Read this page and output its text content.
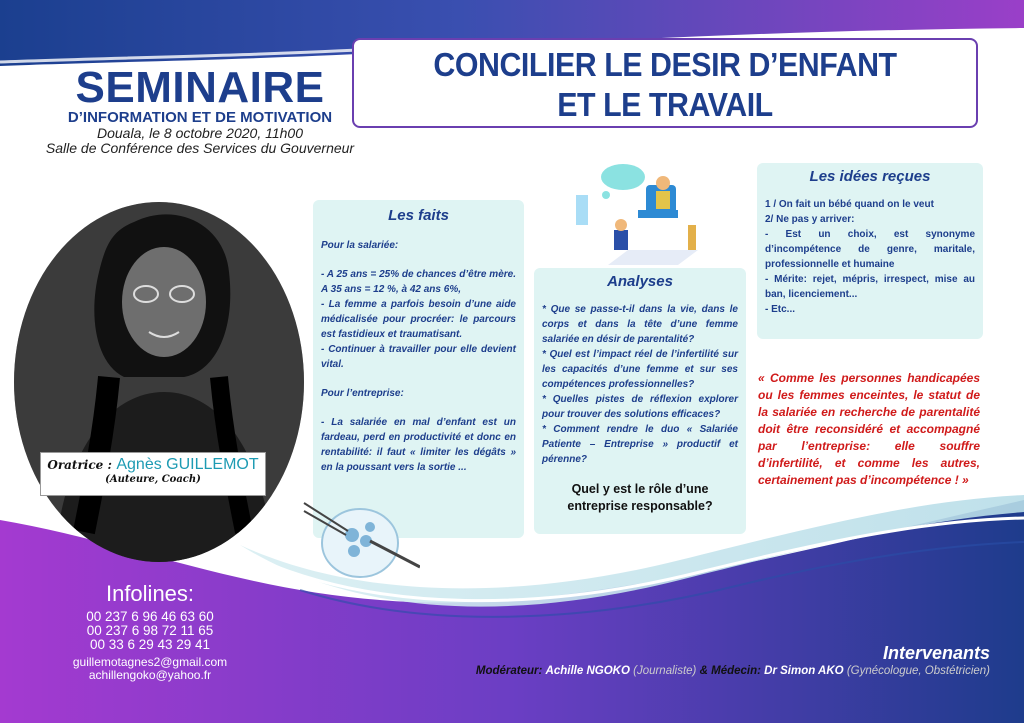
SEMINAIRE
D’INFORMATION ET DE MOTIVATION
Douala, le 8 octobre 2020, 11h00
Salle de Conférence des Services du Gouverneur
CONCILIER LE DESIR D’ENFANT
ET LE TRAVAIL
Oratrice : Agnès GUILLEMOT
(Auteure, Coach)
Infolines:
00 237 6 96 46 63 60
00 237 6 98 72 11 65
00 33 6 29 43 29 41
guillemotagnes2@gmail.com
achillengoko@yahoo.fr
Les faits

Pour la salariée:

- A 25 ans = 25% de chances d’être mère. A 35 ans = 12 %, à 42 ans 6%,

- La femme a parfois besoin d’une aide médicalisée pour procréer: le parcours est fastidieux et traumatisant.

- Continuer à travailler pour elle devient vital.

Pour l’entreprise:

- La salariée en mal d’enfant est un fardeau, perd en productivité et donc en rentabilité: il faut « limiter les dégâts » en la poussant vers la sortie ...

Analyses

* Que se passe-t-il dans la vie, dans le corps et dans la tête d’une femme salariée en désir de parentalité?

* Quel est l’impact réel de l’infertilité sur les capacités d’une femme et sur ses compétences professionnelles?

* Quelles pistes de réflexion explorer pour trouver des solutions efficaces?

* Comment rendre le duo « Salariée Patiente – Entreprise » productif et pérenne?

Quel y est le rôle d’une entreprise responsable?
Les idées reçues

1 / On fait un bébé quand on le veut

2/ Ne pas y arriver:

- Est un choix, est synonyme d’incompétence de genre, maritale, professionnelle et humaine

- Mérite: rejet, mépris, irrespect, mise au ban, licenciement...

- Etc...

« Comme les personnes handicapées ou les femmes enceintes, le statut de la salariée en recherche de parentalité doit être reconsidéré et accompagné par l’entreprise: elle souffre d’infertilité, et comme les autres, certainement pas d’incompétence ! »
Intervenants
Modérateur: Achille NGOKO (Journaliste) & Médecin: Dr Simon AKO (Gynécologue, Obstétricien)
